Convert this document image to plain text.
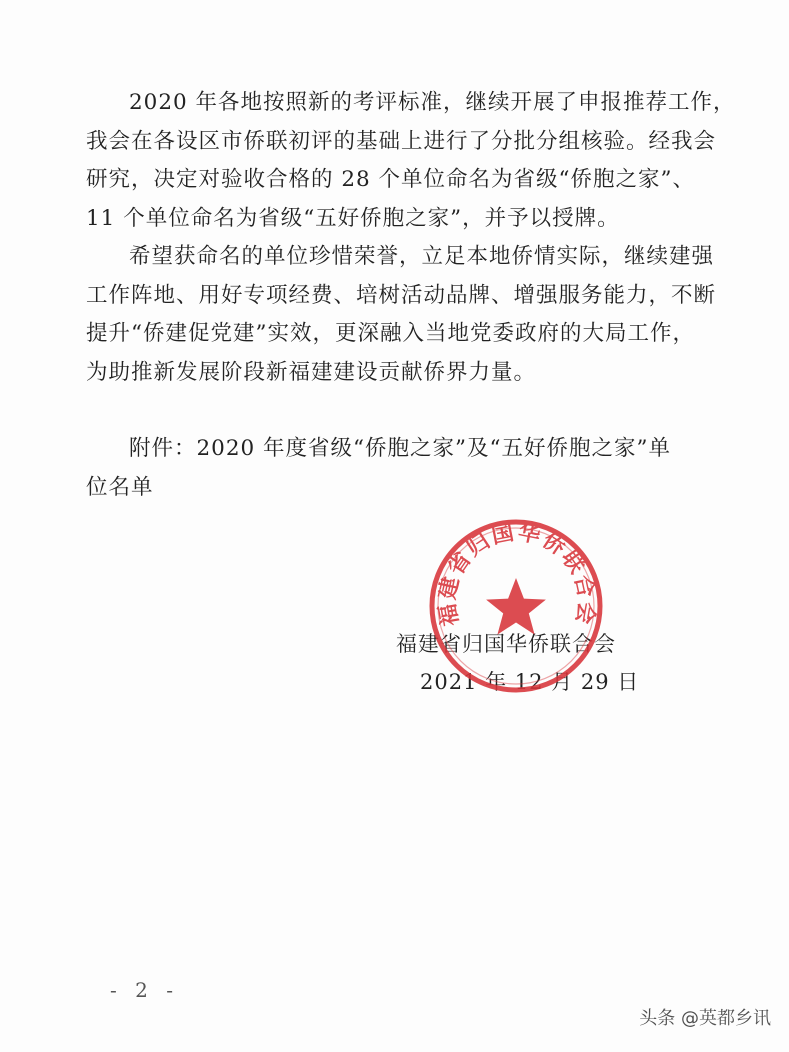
2020 年各地按照新的考评标准，继续开展了申报推荐工作，
我会在各设区市侨联初评的基础上进行了分批分组核验。经我会
研究，决定对验收合格的 28 个单位命名为省级“侨胞之家”、
11 个单位命名为省级“五好侨胞之家”，并予以授牌。
希望获命名的单位珍惜荣誉，立足本地侨情实际，继续建强
工作阵地、用好专项经费、培树活动品牌、增强服务能力，不断
提升“侨建促党建”实效，更深融入当地党委政府的大局工作，
为助推新发展阶段新福建建设贡献侨界力量。
附件：2020 年度省级“侨胞之家”及“五好侨胞之家”单
位名单
福建省归国华侨联合会
2021 年 12 月 29 日
福建省归国华侨联合会
- 2 -
头条 @英都乡讯
